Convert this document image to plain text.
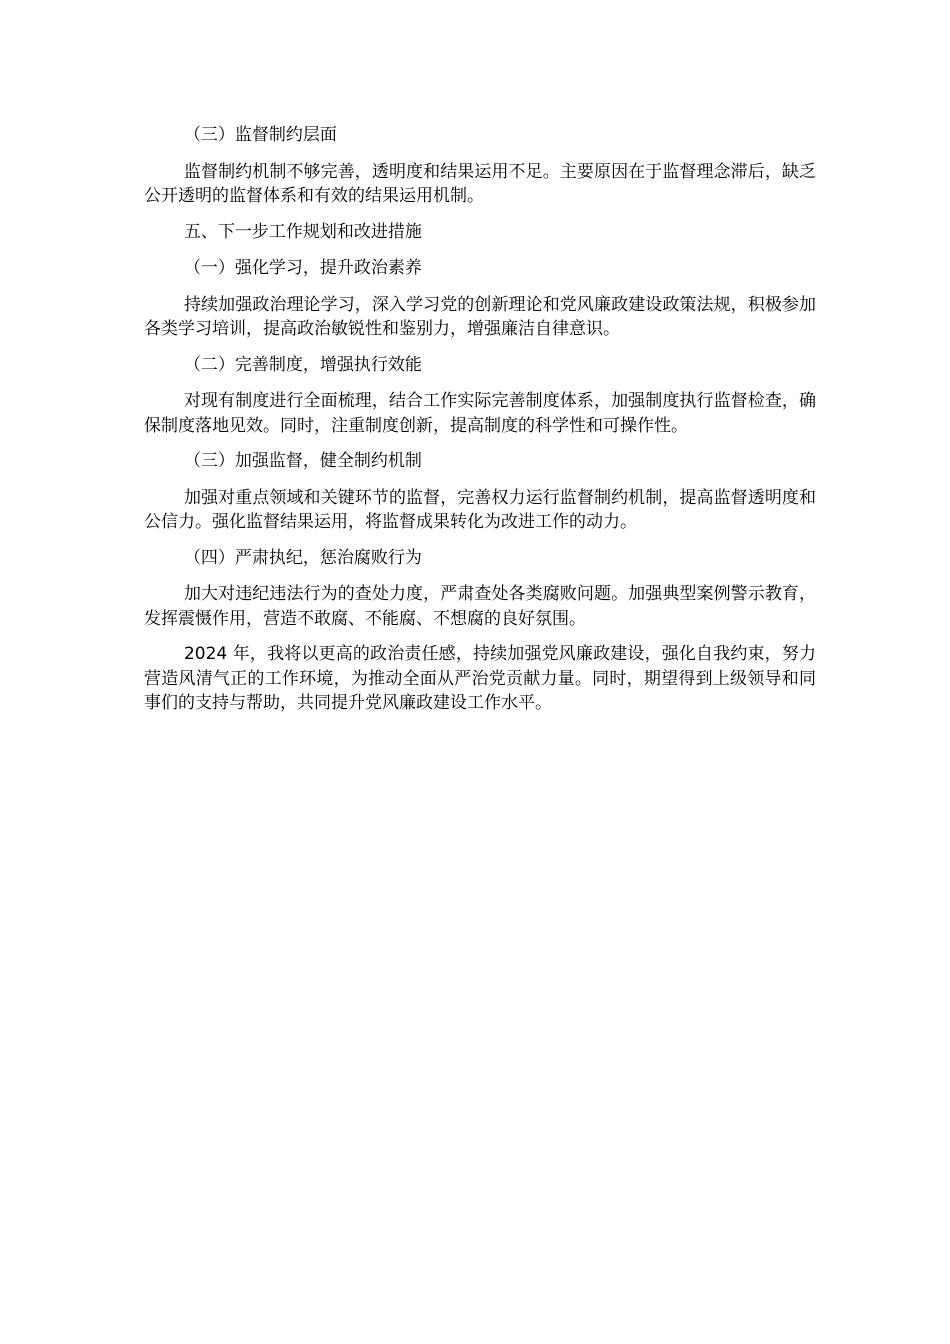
（三）监督制约层面

监督制约机制不够完善，透明度和结果运用不足。主要原因在于监督理念滞后，缺乏公开透明的监督体系和有效的结果运用机制。

五、下一步工作规划和改进措施

（一）强化学习，提升政治素养

持续加强政治理论学习，深入学习党的创新理论和党风廉政建设政策法规，积极参加各类学习培训，提高政治敏锐性和鉴别力，增强廉洁自律意识。

（二）完善制度，增强执行效能

对现有制度进行全面梳理，结合工作实际完善制度体系，加强制度执行监督检查，确保制度落地见效。同时，注重制度创新，提高制度的科学性和可操作性。

（三）加强监督，健全制约机制

加强对重点领域和关键环节的监督，完善权力运行监督制约机制，提高监督透明度和公信力。强化监督结果运用，将监督成果转化为改进工作的动力。

（四）严肃执纪，惩治腐败行为

加大对违纪违法行为的查处力度，严肃查处各类腐败问题。加强典型案例警示教育，发挥震慑作用，营造不敢腐、不能腐、不想腐的良好氛围。

2024 年，我将以更高的政治责任感，持续加强党风廉政建设，强化自我约束，努力营造风清气正的工作环境，为推动全面从严治党贡献力量。同时，期望得到上级领导和同事们的支持与帮助，共同提升党风廉政建设工作水平。
